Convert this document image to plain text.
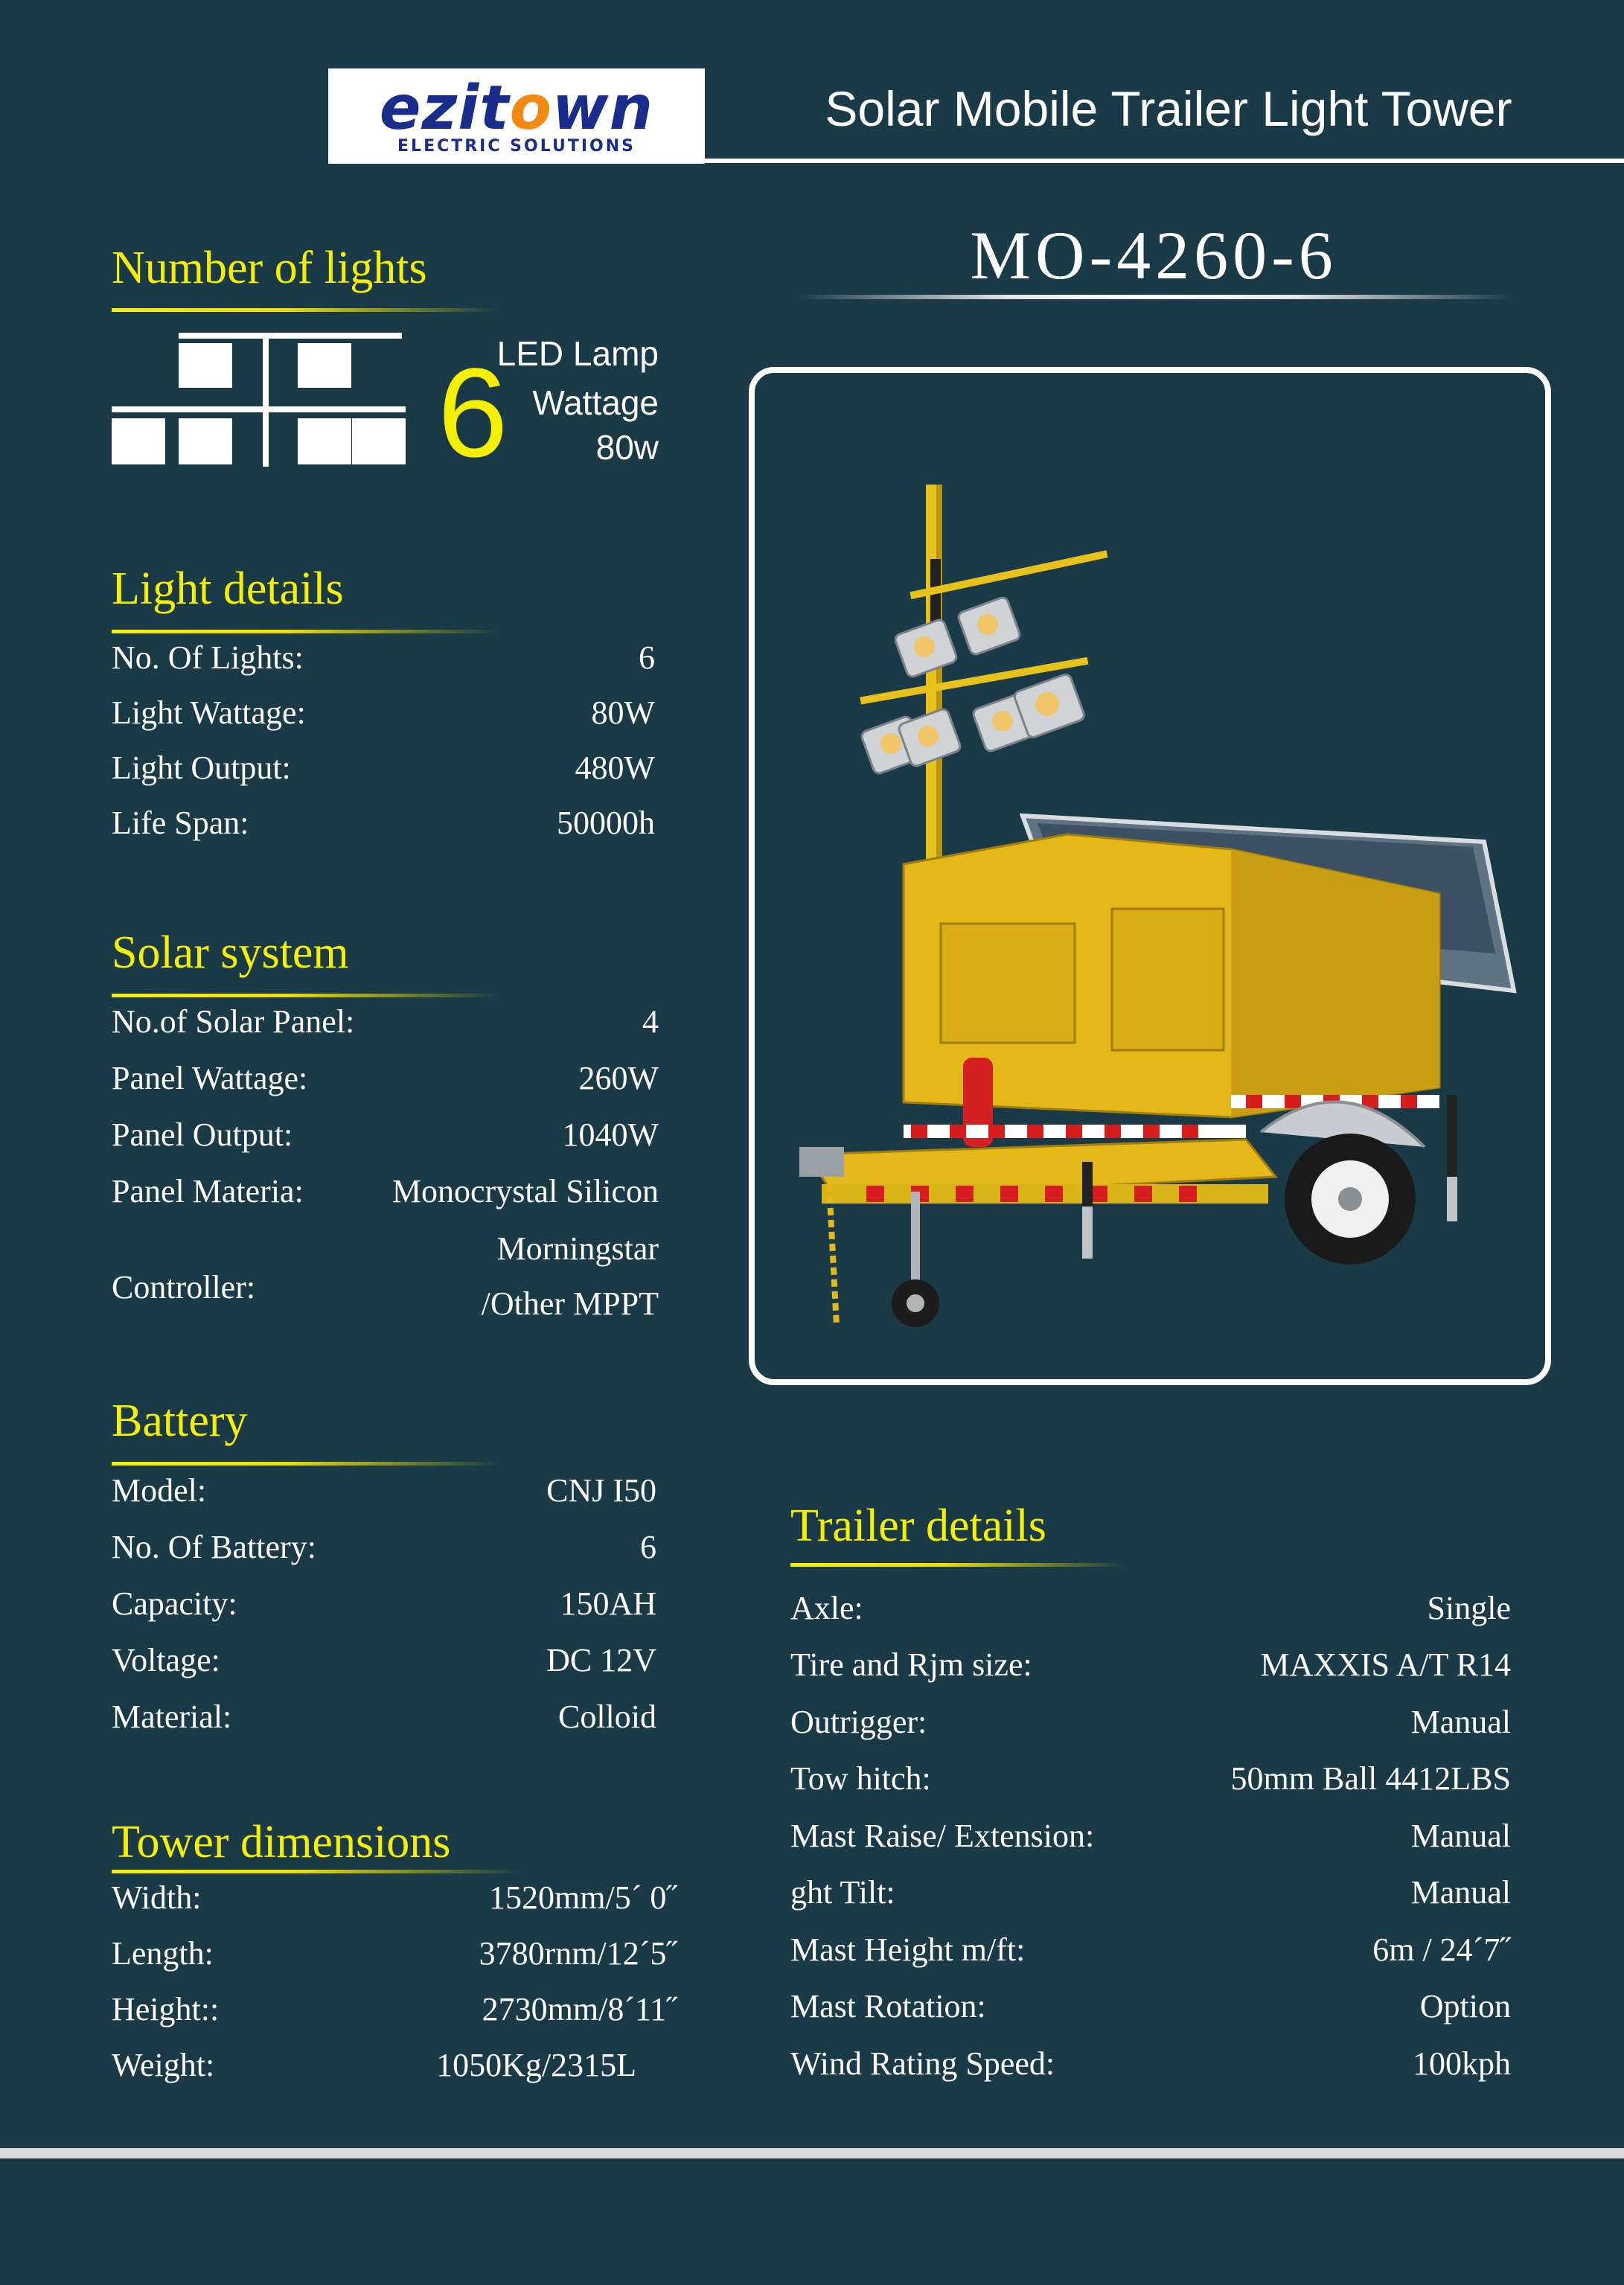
ezitown
ELECTRIC SOLUTIONS
Solar Mobile Trailer Light Tower
MO-4260-6
Number of lights
6
LED Lamp
Wattage
80w
Light details
No. Of Lights:	6
Light Wattage:	80W
Light Output:	480W
Life Span:	50000h
Solar system
No.of Solar Panel:	4
Panel Wattage:	260W
Panel Output:	1040W
Panel Materia:	Monocrystal Silicon
Controller:
Morningstar
/Other MPPT
Battery
Model:	CNJ I50
No. Of Battery:	6
Capacity:	150AH
Voltage:	DC 12V
Material:	Colloid
Tower dimensions
Width:	1520mm/5´ 0˝
Length:	3780rnm/12´5˝
Height::	2730mm/8´11˝
Weight:	1050Kg/2315L
Trailer details
Axle:	Single
Tire and Rjm size:	MAXXIS A/T R14
Outrigger:	Manual
Tow hitch:	50mm Ball 4412LBS
Mast Raise/ Extension:	Manual
ght Tilt:	Manual
Mast Height m/ft:	6m / 24´7˝
Mast Rotation:	Option
Wind Rating Speed:	100kph
